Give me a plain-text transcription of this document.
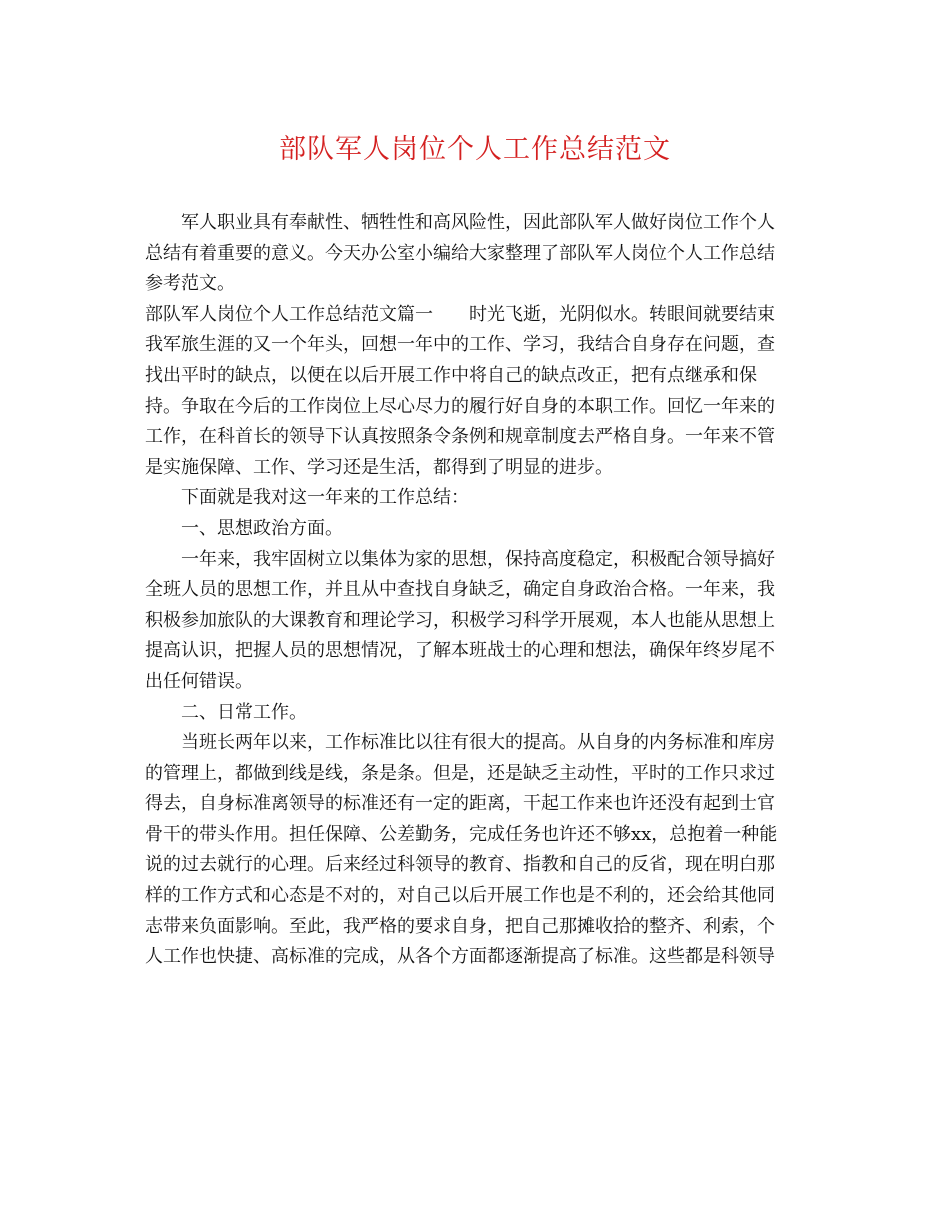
部队军人岗位个人工作总结范文
军人职业具有奉献性、牺牲性和高风险性，因此部队军人做好岗位工作个人
总结有着重要的意义。今天办公室小编给大家整理了部队军人岗位个人工作总结
参考范文。
部队军人岗位个人工作总结范文篇一　　时光飞逝，光阴似水。转眼间就要结束
我军旅生涯的又一个年头，回想一年中的工作、学习，我结合自身存在问题，查
找出平时的缺点，以便在以后开展工作中将自己的缺点改正，把有点继承和保
持。争取在今后的工作岗位上尽心尽力的履行好自身的本职工作。回忆一年来的
工作，在科首长的领导下认真按照条令条例和规章制度去严格自身。一年来不管
是实施保障、工作、学习还是生活，都得到了明显的进步。
下面就是我对这一年来的工作总结：
一、思想政治方面。
一年来，我牢固树立以集体为家的思想，保持高度稳定，积极配合领导搞好
全班人员的思想工作，并且从中查找自身缺乏，确定自身政治合格。一年来，我
积极参加旅队的大课教育和理论学习，积极学习科学开展观，本人也能从思想上
提高认识，把握人员的思想情况，了解本班战士的心理和想法，确保年终岁尾不
出任何错误。
二、日常工作。
当班长两年以来，工作标准比以往有很大的提高。从自身的内务标准和库房
的管理上，都做到线是线，条是条。但是，还是缺乏主动性，平时的工作只求过
得去，自身标准离领导的标准还有一定的距离，干起工作来也许还没有起到士官
骨干的带头作用。担任保障、公差勤务，完成任务也许还不够xx，总抱着一种能
说的过去就行的心理。后来经过科领导的教育、指教和自己的反省，现在明白那
样的工作方式和心态是不对的，对自己以后开展工作也是不利的，还会给其他同
志带来负面影响。至此，我严格的要求自身，把自己那摊收拾的整齐、利索，个
人工作也快捷、高标准的完成，从各个方面都逐渐提高了标准。这些都是科领导
